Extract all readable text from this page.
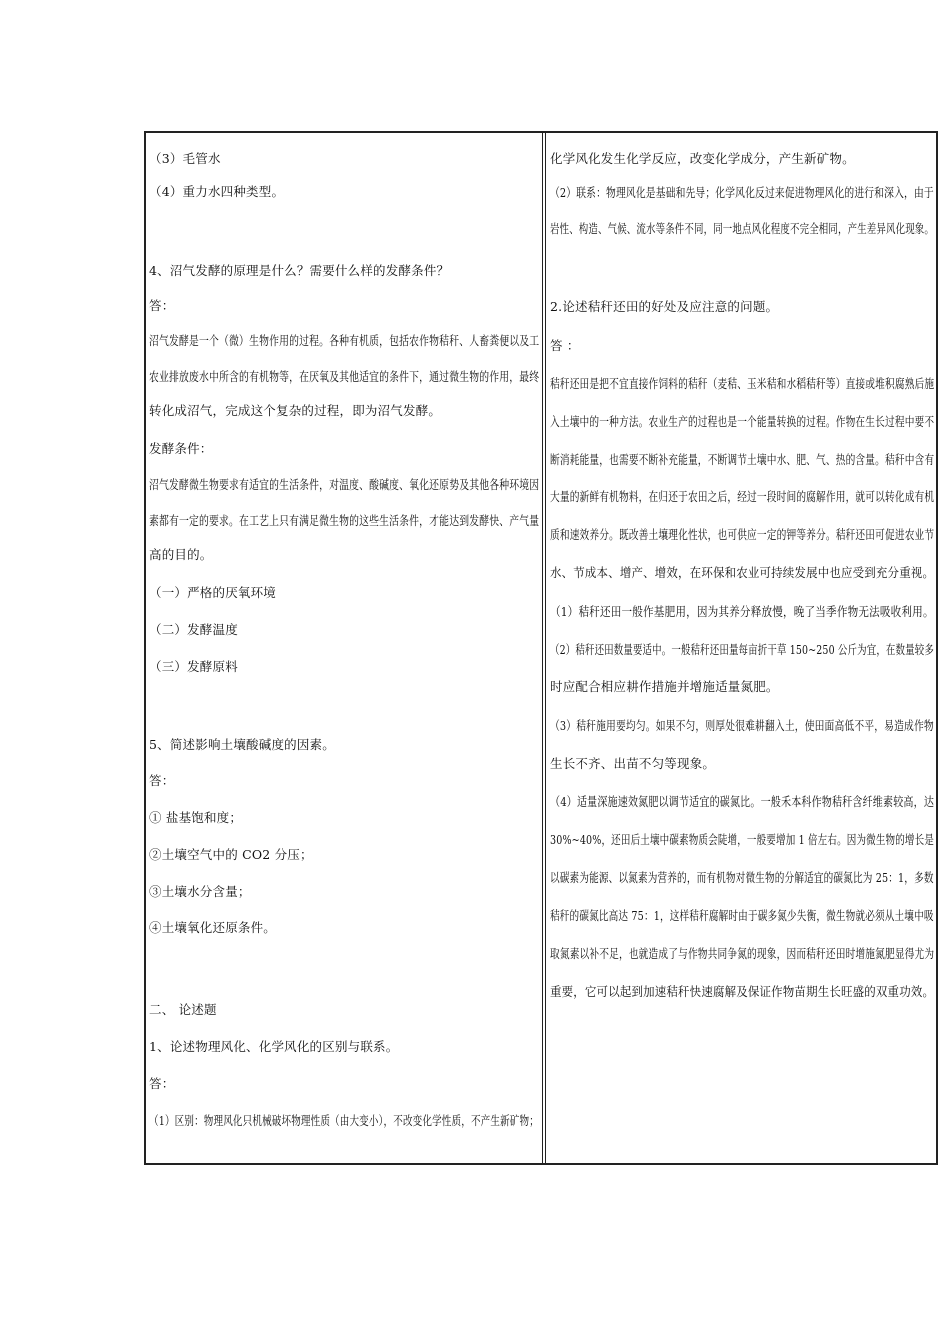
（3）毛管水
（4）重力水四种类型。
4、沼气发酵的原理是什么？需要什么样的发酵条件？
答：
沼气发酵是一个（微）生物作用的过程。各种有机质，包括农作物秸秆、人畜粪便以及工
农业排放废水中所含的有机物等，在厌氧及其他适宜的条件下，通过微生物的作用，最终
转化成沼气，完成这个复杂的过程，即为沼气发酵。
发酵条件：
沼气发酵微生物要求有适宜的生活条件，对温度、酸碱度、氧化还原势及其他各种环境因
素都有一定的要求。在工艺上只有满足微生物的这些生活条件，才能达到发酵快、产气量
高的目的。
（一）严格的厌氧环境
（二）发酵温度
（三）发酵原料
5、简述影响土壤酸碱度的因素。
答：
① 盐基饱和度；
②土壤空气中的 CO2 分压；
③土壤水分含量；
④土壤氧化还原条件。
二、 论述题
1、论述物理风化、化学风化的区别与联系。
答：
（1）区别：物理风化只机械破坏物理性质（由大变小），不改变化学性质，不产生新矿物；
化学风化发生化学反应，改变化学成分，产生新矿物。
（2）联系：物理风化是基础和先导；化学风化反过来促进物理风化的进行和深入，由于
岩性、构造、气候、流水等条件不同，同一地点风化程度不完全相同，产生差异风化现象。
2.论述秸秆还田的好处及应注意的问题。
答 ：
秸秆还田是把不宜直接作饲料的秸秆（麦秸、玉米秸和水稻秸秆等）直接或堆积腐熟后施
入土壤中的一种方法。农业生产的过程也是一个能量转换的过程。作物在生长过程中要不
断消耗能量，也需要不断补充能量，不断调节土壤中水、肥、气、热的含量。秸秆中含有
大量的新鲜有机物料，在归还于农田之后，经过一段时间的腐解作用，就可以转化成有机
质和速效养分。既改善土壤理化性状，也可供应一定的钾等养分。秸秆还田可促进农业节
水、节成本、增产、增效，在环保和农业可持续发展中也应受到充分重视。
（1）秸秆还田一般作基肥用，因为其养分释放慢，晚了当季作物无法吸收利用。
（2）秸秆还田数量要适中。一般秸秆还田量每亩折干草 150~250 公斤为宜，在数量较多
时应配合相应耕作措施并增施适量氮肥。
（3）秸秆施用要均匀。如果不匀，则厚处很难耕翻入土，使田面高低不平，易造成作物
生长不齐、出苗不匀等现象。
（4）适量深施速效氮肥以调节适宜的碳氮比。一般禾本科作物秸秆含纤维素较高，达
30%~40%，还田后土壤中碳素物质会陡增，一般要增加 1 倍左右。因为微生物的增长是
以碳素为能源、以氮素为营养的，而有机物对微生物的分解适宜的碳氮比为 25：1，多数
秸秆的碳氮比高达 75：1，这样秸秆腐解时由于碳多氮少失衡，微生物就必须从土壤中吸
取氮素以补不足，也就造成了与作物共同争氮的现象，因而秸秆还田时增施氮肥显得尤为
重要，它可以起到加速秸秆快速腐解及保证作物苗期生长旺盛的双重功效。
